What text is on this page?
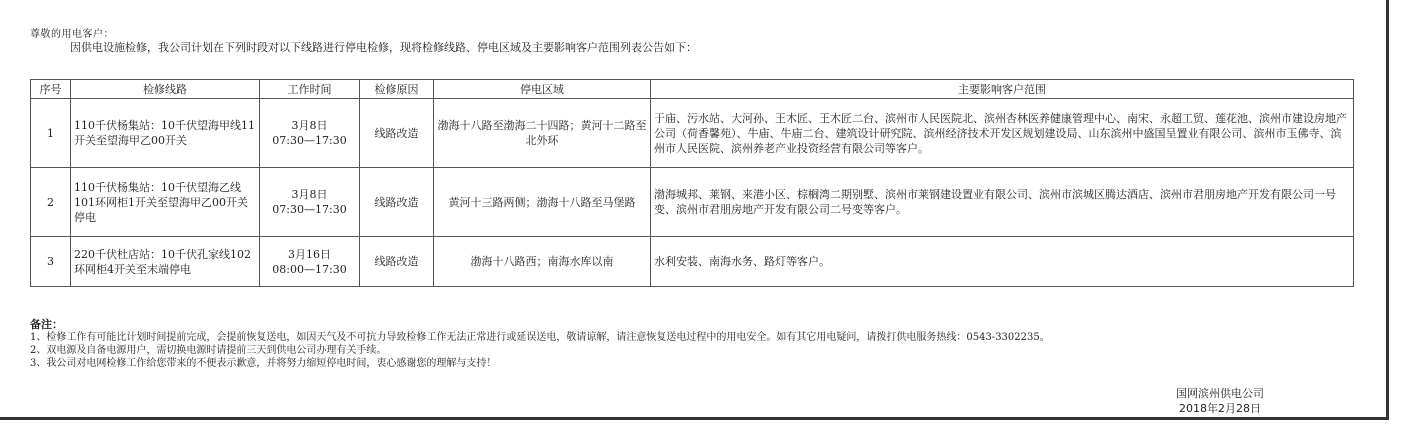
尊敬的用电客户：
因供电设施检修，我公司计划在下列时段对以下线路进行停电检修，现将检修线路、停电区域及主要影响客户范围列表公告如下：
序号	检修线路	工作时间	检修原因	停电区域	主要影响客户范围
1	110千伏杨集站：10千伏望海甲线11开关至望海甲乙00开关	3月8日
07:30—17:30	线路改造	渤海十八路至渤海二十四路；黄河十二路至北外环	于庙、污水站、大河孙、王木匠、王木匠二台、滨州市人民医院北、滨州杏林医养健康管理中心、南宋、永超工贸、莲花池、滨州市建设房地产公司（荷香馨苑）、牛庙、牛庙二台、建筑设计研究院、滨州经济技术开发区规划建设局、山东滨州中盛国呈置业有限公司、滨州市玉佛寺、滨州市人民医院、滨州养老产业投资经营有限公司等客户。
2	110千伏杨集站：10千伏望海乙线101环网柜1开关至望海甲乙00开关停电	3月8日
07:30—17:30	线路改造	黄河十三路两侧；渤海十八路至马堡路	渤海城邦、莱钢、来港小区、棕榈湾二期别墅、滨州市莱钢建设置业有限公司、滨州市滨城区腾达酒店、滨州市君朋房地产开发有限公司一号变、滨州市君朋房地产开发有限公司二号变等客户。
3	220千伏杜店站：10千伏孔家线102环网柜4开关至末端停电	3月16日
08:00—17:30	线路改造	渤海十八路西；南海水库以南	水利安装、南海水务、路灯等客户。
备注：
1、检修工作有可能比计划时间提前完成，会提前恢复送电，如因天气及不可抗力导致检修工作无法正常进行或延误送电，敬请谅解，请注意恢复送电过程中的用电安全。如有其它用电疑问，请拨打供电服务热线：0543-3302235。
2、双电源及自备电源用户，需切换电源时请提前三天到供电公司办理有关手续。
3、我公司对电网检修工作给您带来的不便表示歉意，并将努力缩短停电时间，衷心感谢您的理解与支持！
国网滨州供电公司
2018年2月28日
